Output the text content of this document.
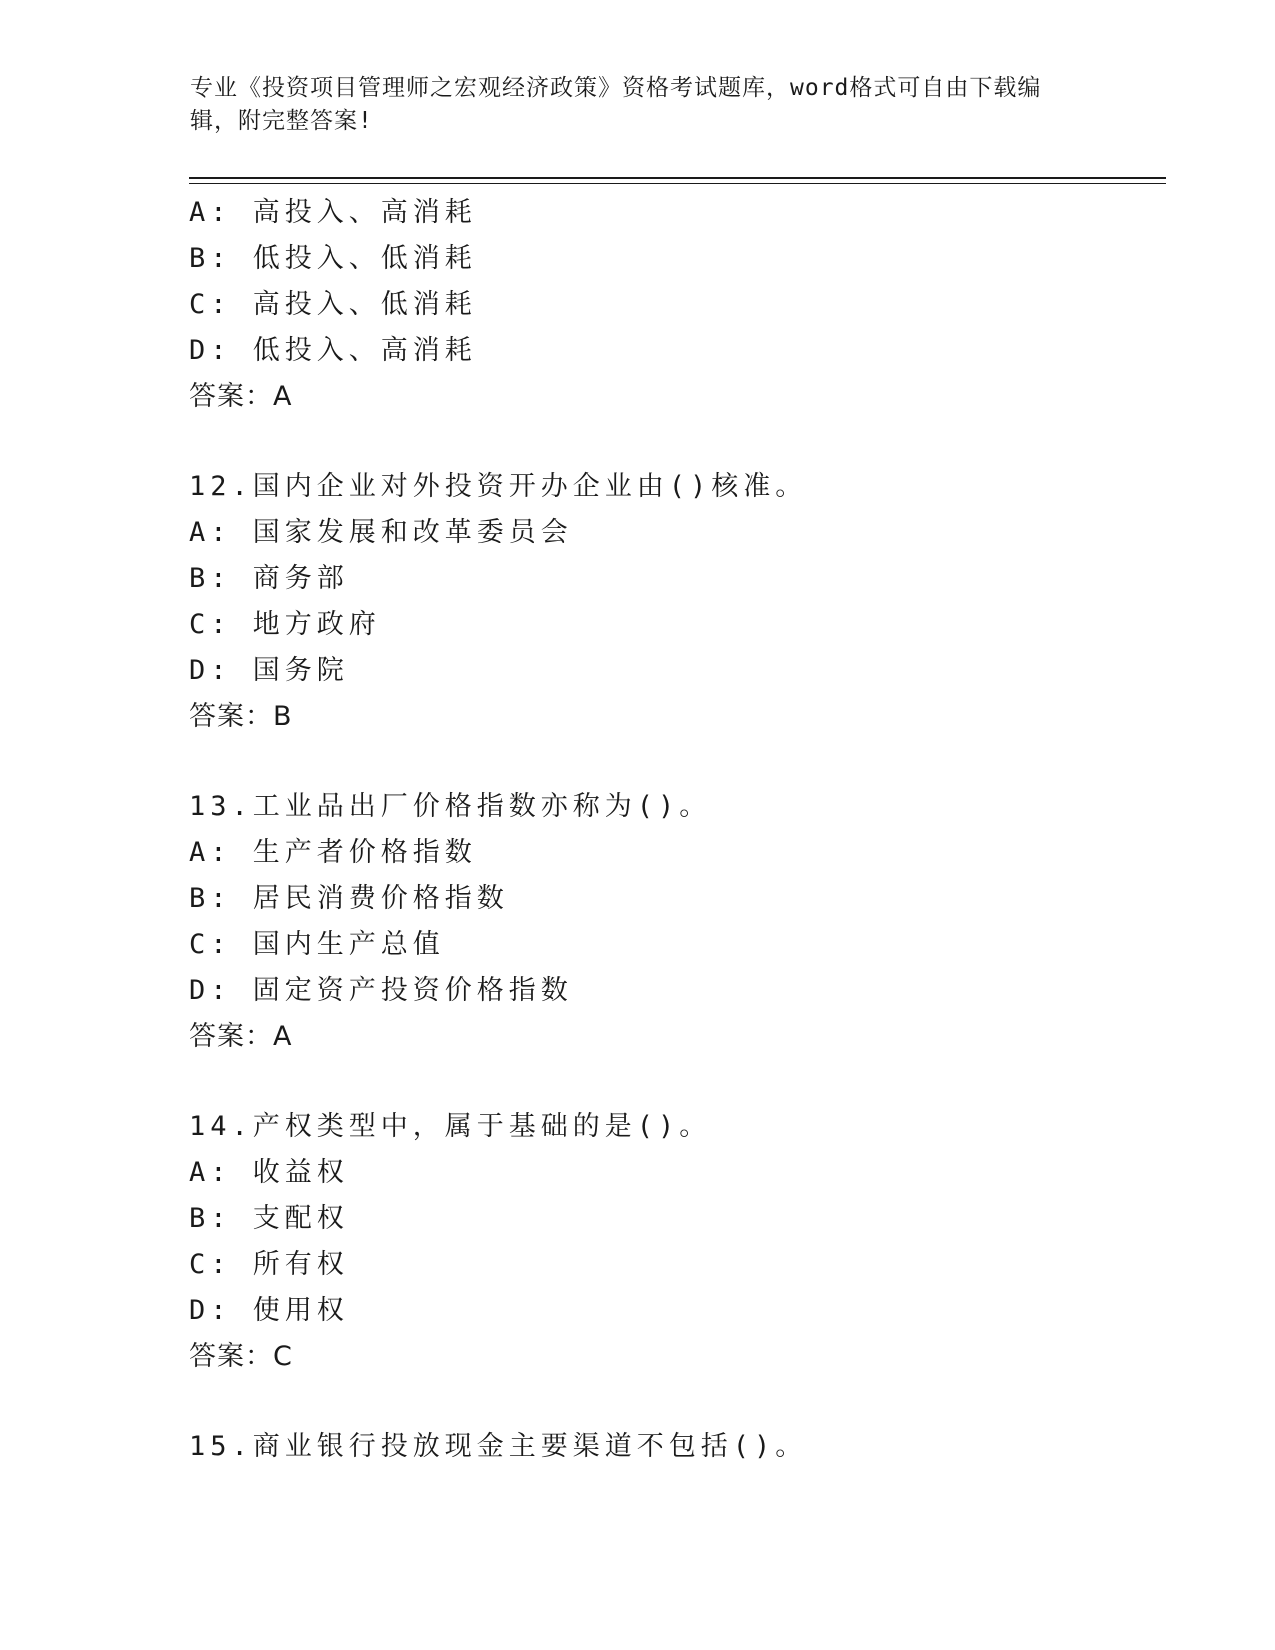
专业《投资项目管理师之宏观经济政策》资格考试题库，word格式可自由下载编
辑，附完整答案!
A: 高投入、高消耗
B: 低投入、低消耗
C: 高投入、低消耗
D: 低投入、高消耗
答案：A
12.国内企业对外投资开办企业由()核准。
A: 国家发展和改革委员会
B: 商务部
C: 地方政府
D: 国务院
答案：B
13.工业品出厂价格指数亦称为()。
A: 生产者价格指数
B: 居民消费价格指数
C: 国内生产总值
D: 固定资产投资价格指数
答案：A
14.产权类型中，属于基础的是()。
A: 收益权
B: 支配权
C: 所有权
D: 使用权
答案：C
15.商业银行投放现金主要渠道不包括()。
